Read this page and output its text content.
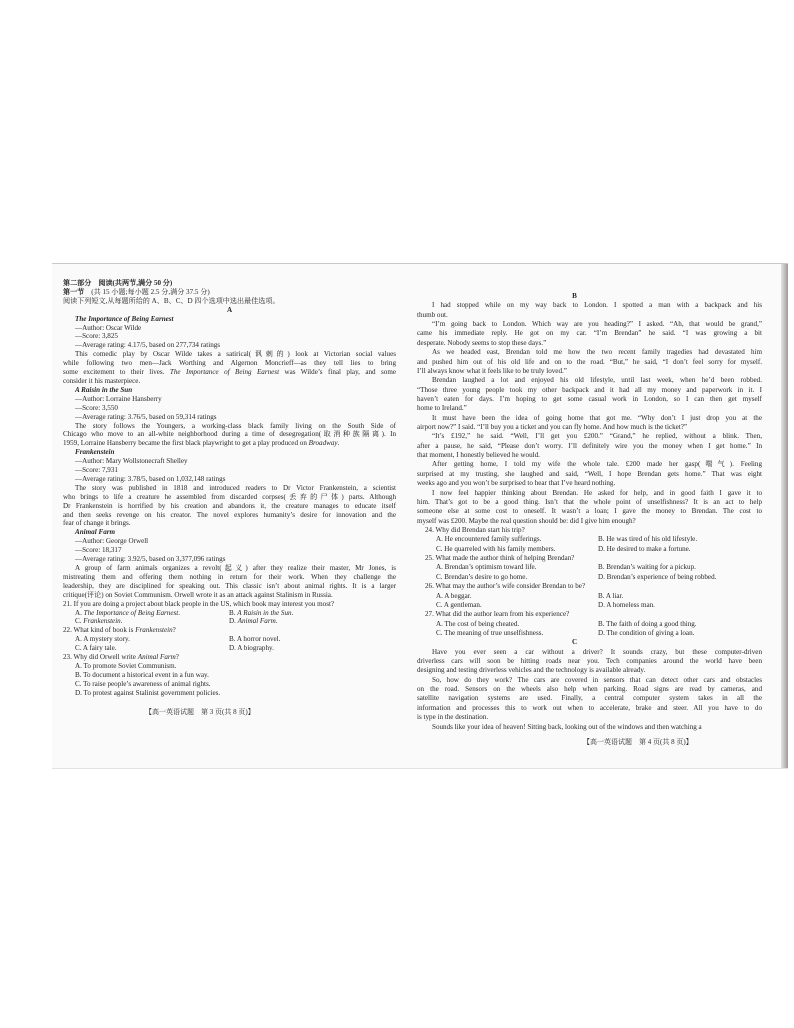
第二部分 阅读(共两节,满分 50 分)
第一节 (共 15 小题;每小题 2.5 分,满分 37.5 分)
阅读下列短文,从每题所给的 A、B、C、D 四个选项中选出最佳选项。
A
The Importance of Being Earnest
—Author: Oscar Wilde
—Score: 3,825
—Average rating: 4.17/5, based on 277,734 ratings
This comedic play by Oscar Wilde takes a satirical(讽刺的) look at Victorian social values
while following two men—Jack Worthing and Algernon Moncrieff—as they tell lies to bring
some excitement to their lives. The Importance of Being Earnest was Wilde’s final play, and some
consider it his masterpiece.
A Raisin in the Sun
—Author: Lorraine Hansberry
—Score: 3,550
—Average rating: 3.76/5, based on 59,314 ratings
The story follows the Youngers, a working-class black family living on the South Side of
Chicago who move to an all-white neighborhood during a time of desegregation(取消种族隔离). In
1959, Lorraine Hansberry became the first black playwright to get a play produced on Broadway.
Frankenstein
—Author: Mary Wollstonecraft Shelley
—Score: 7,931
—Average rating: 3.78/5, based on 1,032,148 ratings
The story was published in 1818 and introduced readers to Dr Victor Frankenstein, a scientist
who brings to life a creature he assembled from discarded corpses(丢弃的尸体) parts. Although
Dr Frankenstein is horrified by his creation and abandons it, the creature manages to educate itself
and then seeks revenge on his creator. The novel explores humanity’s desire for innovation and the
fear of change it brings.
Animal Farm
—Author: George Orwell
—Score: 18,317
—Average rating: 3.92/5, based on 3,377,096 ratings
A group of farm animals organizes a revolt(起义) after they realize their master, Mr Jones, is
mistreating them and offering them nothing in return for their work. When they challenge the
leadership, they are disciplined for speaking out. This classic isn’t about animal rights. It is a larger
critique(评论) on Soviet Communism. Orwell wrote it as an attack against Stalinism in Russia.
21. If you are doing a project about black people in the US, which book may interest you most?
A. The Importance of Being Earnest.	B. A Raisin in the Sun.
C. Frankenstein.	D. Animal Farm.
22. What kind of book is Frankenstein?
A. A mystery story.	B. A horror novel.
C. A fairy tale.	D. A biography.
23. Why did Orwell write Animal Farm?
A. To promote Soviet Communism.
B. To document a historical event in a fun way.
C. To raise people’s awareness of animal rights.
D. To protest against Stalinist government policies.
【高一英语试题　第 3 页(共 8 页)】
B
I had stopped while on my way back to London. I spotted a man with a backpack and his
thumb out.
“I’m going back to London. Which way are you heading?” I asked. “Ah, that would be grand,”
came his immediate reply. He got on my car. “I’m Brendan” he said. “I was growing a bit
desperate. Nobody seems to stop these days.”
As we headed east, Brendan told me how the two recent family tragedies had devastated him
and pushed him out of his old life and on to the road. “But,” he said, “I don’t feel sorry for myself.
I’ll always know what it feels like to be truly loved.”
Brendan laughed a lot and enjoyed his old lifestyle, until last week, when he’d been robbed.
“Those three young people took my other backpack and it had all my money and paperwork in it. I
haven’t eaten for days. I’m hoping to get some casual work in London, so I can then get myself
home to Ireland.”
It must have been the idea of going home that got me. “Why don’t I just drop you at the
airport now?” I said. “I’ll buy you a ticket and you can fly home. And how much is the ticket?”
“It’s £192,” he said. “Well, I’ll get you £200.” “Grand,” he replied, without a blink. Then,
after a pause, he said, “Please don’t worry. I’ll definitely wire you the money when I get home.” In
that moment, I honestly believed he would.
After getting home, I told my wife the whole tale. £200 made her gasp(喘气). Feeling
surprised at my trusting, she laughed and said, “Well, I hope Brendan gets home.” That was eight
weeks ago and you won’t be surprised to hear that I’ve heard nothing.
I now feel happier thinking about Brendan. He asked for help, and in good faith I gave it to
him. That’s got to be a good thing. Isn’t that the whole point of unselfishness? It is an act to help
someone else at some cost to oneself. It wasn’t a loan; I gave the money to Brendan. The cost to
myself was £200. Maybe the real question should be: did I give him enough?
24. Why did Brendan start his trip?
A. He encountered family sufferings.	B. He was tired of his old lifestyle.
C. He quarreled with his family members.	D. He desired to make a fortune.
25. What made the author think of helping Brendan?
A. Brendan’s optimism toward life.	B. Brendan’s waiting for a pickup.
C. Brendan’s desire to go home.	D. Brendan’s experience of being robbed.
26. What may the author’s wife consider Brendan to be?
A. A beggar.	B. A liar.
C. A gentleman.	D. A homeless man.
27. What did the author learn from his experience?
A. The cost of being cheated.	B. The faith of doing a good thing.
C. The meaning of true unselfishness.	D. The condition of giving a loan.
C
Have you ever seen a car without a driver? It sounds crazy, but these computer-driven
driverless cars will soon be hitting roads near you. Tech companies around the world have been
designing and testing driverless vehicles and the technology is available already.
So, how do they work? The cars are covered in sensors that can detect other cars and obstacles
on the road. Sensors on the wheels also help when parking. Road signs are read by cameras, and
satellite navigation systems are used. Finally, a central computer system takes in all the
information and processes this to work out when to accelerate, brake and steer. All you have to do
is type in the destination.
Sounds like your idea of heaven! Sitting back, looking out of the windows and then watching a
【高一英语试题　第 4 页(共 8 页)】
